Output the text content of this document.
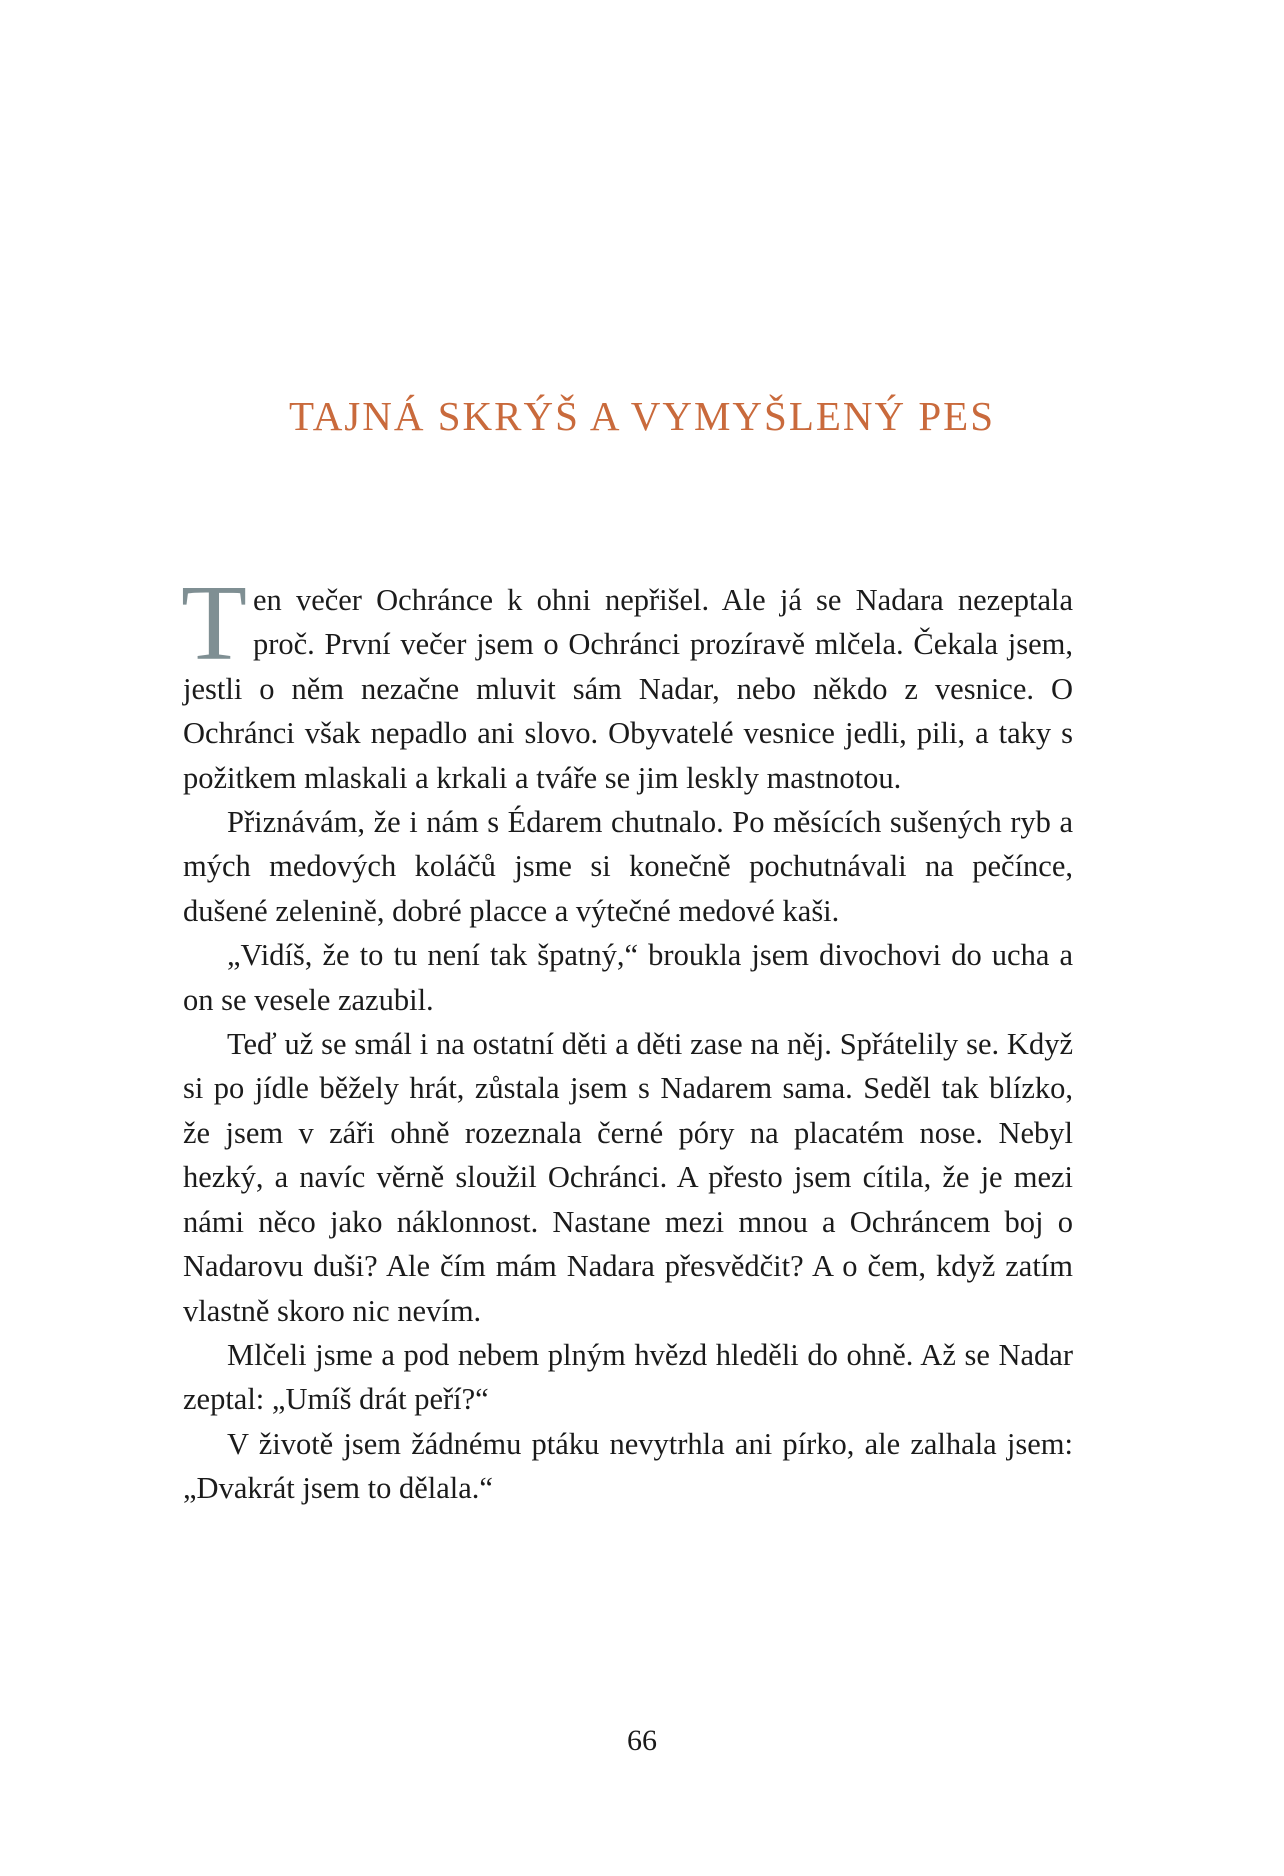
TAJNÁ SKRÝŠ A VYMYŠLENÝ PES

Ten večer Ochránce k ohni nepřišel. Ale já se Nadara nezeptala proč. První večer jsem o Ochránci prozíravě mlčela. Čekala jsem, jestli o něm nezačne mluvit sám Nadar, nebo někdo z vesnice. O Ochránci však nepadlo ani slovo. Obyvatelé vesnice jedli, pili, a taky s požitkem mlaskali a krkali a tváře se jim leskly mastnotou.

Přiznávám, že i nám s Édarem chutnalo. Po měsících sušených ryb a mých medových koláčů jsme si konečně pochutnávali na pečínce, dušené zelenině, dobré placce a výtečné medové kaši.

„Vidíš, že to tu není tak špatný,“ broukla jsem divochovi do ucha a on se vesele zazubil.

Teď už se smál i na ostatní děti a děti zase na něj. Spřátelily se. Když si po jídle běžely hrát, zůstala jsem s Nadarem sama. Seděl tak blízko, že jsem v záři ohně rozeznala černé póry na placatém nose. Nebyl hezký, a navíc věrně sloužil Ochránci. A přesto jsem cítila, že je mezi námi něco jako náklonnost. Nastane mezi mnou a Ochráncem boj o Nadarovu duši? Ale čím mám Nadara přesvědčit? A o čem, když zatím vlastně skoro nic nevím.

Mlčeli jsme a pod nebem plným hvězd hleděli do ohně. Až se Nadar zeptal: „Umíš drát peří?“

V životě jsem žádnému ptáku nevytrhla ani pírko, ale zalhala jsem: „Dvakrát jsem to dělala.“

66
